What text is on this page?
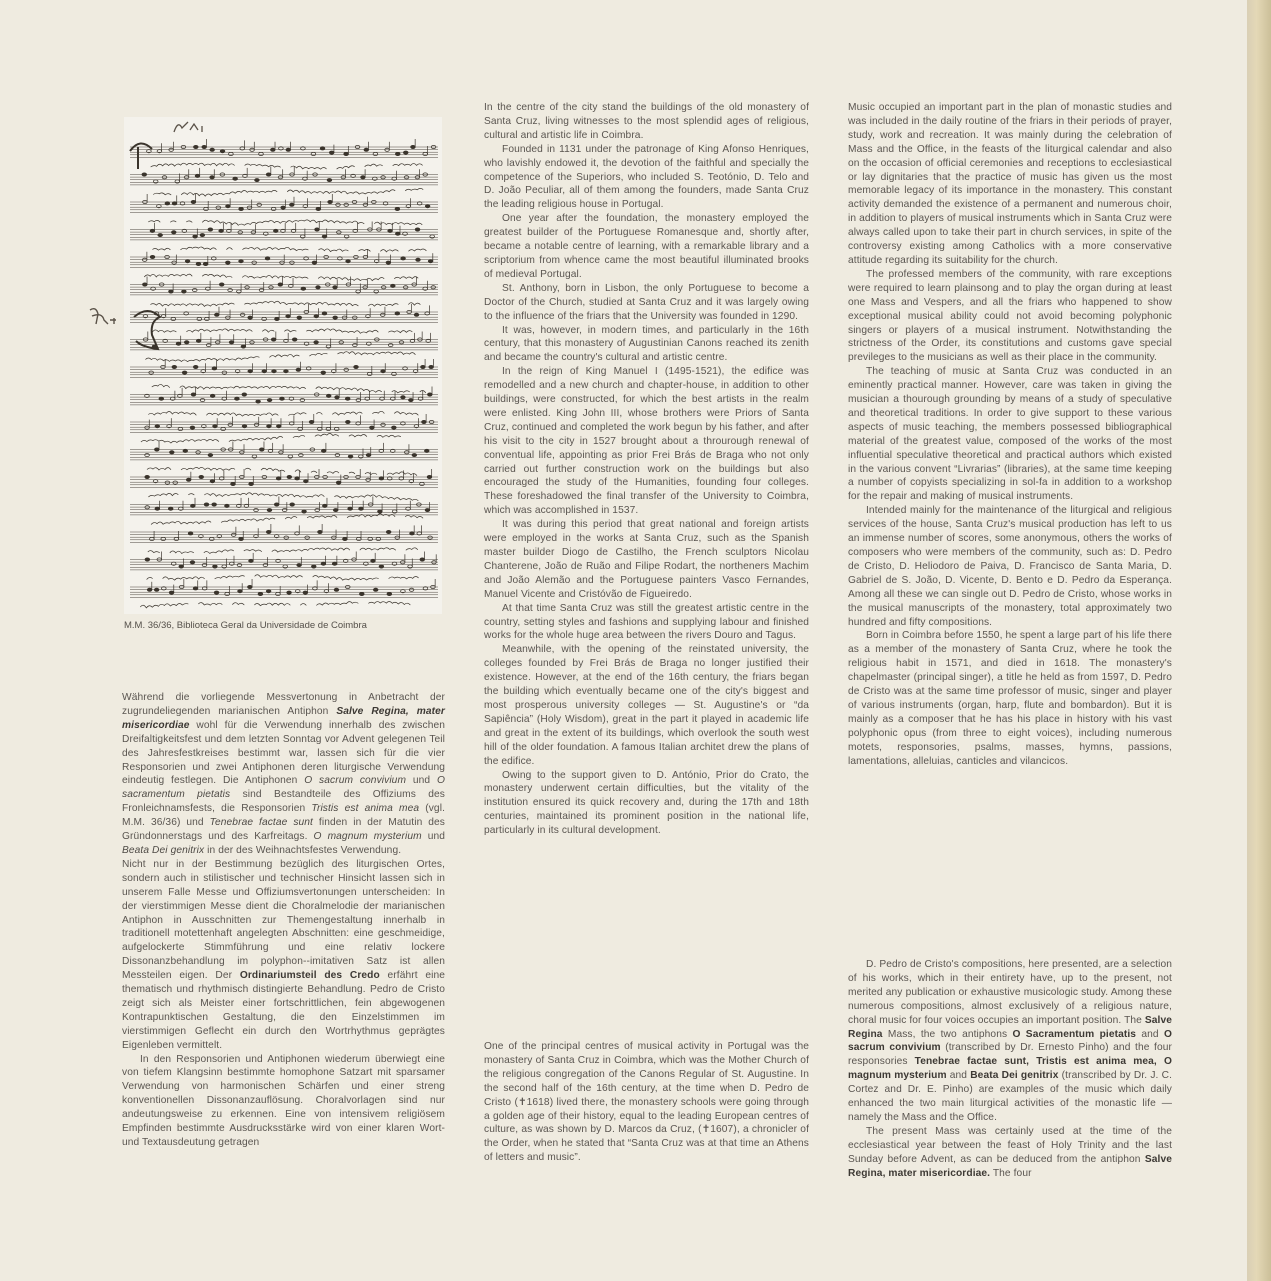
M.M. 36/36, Biblioteca Geral da Universidade de Coimbra

In the centre of the city stand the buildings of the old monastery of Santa Cruz, living witnesses to the most splendid ages of religious, cultural and artistic life in Coimbra.

Founded in 1131 under the patronage of King Afonso Henriques, who lavishly endowed it, the devotion of the faithful and specially the competence of the Superiors, who included S. Teotónio, D. Telo and D. João Peculiar, all of them among the founders, made Santa Cruz the leading religious house in Portugal.

One year after the foundation, the monastery employed the greatest builder of the Portuguese Romanesque and, shortly after, became a notable centre of learning, with a remarkable library and a scriptorium from whence came the most beautiful illuminated brooks of medieval Portugal.

St. Anthony, born in Lisbon, the only Portuguese to become a Doctor of the Church, studied at Santa Cruz and it was largely owing to the influence of the friars that the University was founded in 1290.

It was, however, in modern times, and particularly in the 16th century, that this monastery of Augustinian Canons reached its zenith and became the country's cultural and artistic centre.

In the reign of King Manuel I (1495-1521), the edifice was remodelled and a new church and chapter-house, in addition to other buildings, were constructed, for which the best artists in the realm were enlisted. King John III, whose brothers were Priors of Santa Cruz, continued and completed the work begun by his father, and after his visit to the city in 1527 brought about a throurough renewal of conventual life, appointing as prior Frei Brás de Braga who not only carried out further construction work on the buildings but also encouraged the study of the Humanities, founding four colleges. These foreshadowed the final transfer of the University to Coimbra, which was accomplished in 1537.

It was during this period that great national and foreign artists were employed in the works at Santa Cruz, such as the Spanish master builder Diogo de Castilho, the French sculptors Nicolau Chanterene, João de Ruão and Filipe Rodart, the northeners Machim and João Alemão and the Portuguese painters Vasco Fernandes, Manuel Vicente and Cristóvão de Figueiredo.

At that time Santa Cruz was still the greatest artistic centre in the country, setting styles and fashions and supplying labour and finished works for the whole huge area between the rivers Douro and Tagus.

Meanwhile, with the opening of the reinstated university, the colleges founded by Frei Brás de Braga no longer justified their existence. However, at the end of the 16th century, the friars began the building which eventually became one of the city's biggest and most prosperous university colleges — St. Augustine's or “da Sapiência” (Holy Wisdom), great in the part it played in academic life and great in the extent of its buildings, which overlook the south west hill of the older foundation. A famous Italian architet drew the plans of the edifice.

Owing to the support given to D. António, Prior do Crato, the monastery underwent certain difficulties, but the vitality of the institution ensured its quick recovery and, during the 17th and 18th centuries, maintained its prominent position in the national life, particularly in its cultural development.

One of the principal centres of musical activity in Portugal was the monastery of Santa Cruz in Coimbra, which was the Mother Church of the religious congregation of the Canons Regular of St. Augustine. In the second half of the 16th century, at the time when D. Pedro de Cristo (✝1618) lived there, the monastery schools were going through a golden age of their history, equal to the leading European centres of culture, as was shown by D. Marcos da Cruz, (✝1607), a chronicler of the Order, when he stated that “Santa Cruz was at that time an Athens of letters and music”.

Music occupied an important part in the plan of monastic studies and was included in the daily routine of the friars in their periods of prayer, study, work and recreation. It was mainly during the celebration of Mass and the Office, in the feasts of the liturgical calendar and also on the occasion of official ceremonies and receptions to ecclesiastical or lay dignitaries that the practice of music has given us the most memorable legacy of its importance in the monastery. This constant activity demanded the existence of a permanent and numerous choir, in addition to players of musical instruments which in Santa Cruz were always called upon to take their part in church services, in spite of the controversy existing among Catholics with a more conservative attitude regarding its suitability for the church.

The professed members of the community, with rare exceptions were required to learn plainsong and to play the organ during at least one Mass and Vespers, and all the friars who happened to show exceptional musical ability could not avoid becoming polyphonic singers or players of a musical instrument. Notwithstanding the strictness of the Order, its constitutions and customs gave special previleges to the musicians as well as their place in the community.

The teaching of music at Santa Cruz was conducted in an eminently practical manner. However, care was taken in giving the musician a thourough grounding by means of a study of speculative and theoretical traditions. In order to give support to these various aspects of music teaching, the members possessed bibliographical material of the greatest value, composed of the works of the most influential speculative theoretical and practical authors which existed in the various convent “Livrarias” (libraries), at the same time keeping a number of copyists specializing in sol-fa in addition to a workshop for the repair and making of musical instruments.

Intended mainly for the maintenance of the liturgical and religious services of the house, Santa Cruz's musical production has left to us an immense number of scores, some anonymous, others the works of composers who were members of the community, such as: D. Pedro de Cristo, D. Heliodoro de Paiva, D. Francisco de Santa Maria, D. Gabriel de S. João, D. Vicente, D. Bento e D. Pedro da Esperança. Among all these we can single out D. Pedro de Cristo, whose works in the musical manuscripts of the monastery, total approximately two hundred and fifty compositions.

Born in Coimbra before 1550, he spent a large part of his life there as a member of the monastery of Santa Cruz, where he took the religious habit in 1571, and died in 1618. The monastery's chapelmaster (principal singer), a title he held as from 1597, D. Pedro de Cristo was at the same time professor of music, singer and player of various instruments (organ, harp, flute and bombardon). But it is mainly as a composer that he has his place in history with his vast polyphonic opus (from three to eight voices), including numerous motets, responsories, psalms, masses, hymns, passions, lamentations, alleluias, canticles and vilancicos.

D. Pedro de Cristo's compositions, here presented, are a selection of his works, which in their entirety have, up to the present, not merited any publication or exhaustive musicologic study. Among these numerous compositions, almost exclusively of a religious nature, choral music for four voices occupies an important position. The Salve Regina Mass, the two antiphons O Sacramentum pietatis and O sacrum convivium (transcribed by Dr. Ernesto Pinho) and the four responsories Tenebrae factae sunt, Tristis est anima mea, O magnum mysterium and Beata Dei genitrix (transcribed by Dr. J. C. Cortez and Dr. E. Pinho) are examples of the music which daily enhanced the two main liturgical activities of the monastic life — namely the Mass and the Office.

The present Mass was certainly used at the time of the ecclesiastical year between the feast of Holy Trinity and the last Sunday before Advent, as can be deduced from the antiphon Salve Regina, mater misericordiae. The four

Während die vorliegende Messvertonung in Anbetracht der zugrundeliegenden marianischen Antiphon Salve Regina, mater misericordiae wohl für die Verwendung innerhalb des zwischen Dreifaltigkeitsfest und dem letzten Sonntag vor Advent gelegenen Teil des Jahresfestkreises bestimmt war, lassen sich für die vier Responsorien und zwei Antiphonen deren liturgische Verwendung eindeutig festlegen. Die Antiphonen O sacrum convivium und O sacramentum pietatis sind Bestandteile des Offiziums des Fronleichnamsfests, die Responsorien Tristis est anima mea (vgl. M.M. 36/36) und Tenebrae factae sunt finden in der Matutin des Gründonnerstags und des Karfreitags. O magnum mysterium und Beata Dei genitrix in der des Weihnachtsfestes Verwendung.

Nicht nur in der Bestimmung bezüglich des liturgischen Ortes, sondern auch in stilistischer und technischer Hinsicht lassen sich in unserem Falle Messe und Offiziumsvertonungen unterscheiden: In der vierstimmigen Messe dient die Choralmelodie der marianischen Antiphon in Ausschnitten zur Themengestaltung innerhalb in traditionell motettenhaft angelegten Abschnitten: eine geschmeidige, aufgelockerte Stimmführung und eine relativ lockere Dissonanzbehandlung im polyphon--imitativen Satz ist allen Messteilen eigen. Der Ordinariumsteil des Credo erfährt eine thematisch und rhythmisch distingierte Behandlung. Pedro de Cristo zeigt sich als Meister einer fortschrittlichen, fein abgewogenen Kontrapunktischen Gestaltung, die den Einzelstimmen im vierstimmigen Geflecht ein durch den Wortrhythmus geprägtes Eigenleben vermittelt.

In den Responsorien und Antiphonen wiederum überwiegt eine von tiefem Klangsinn bestimmte homophone Satzart mit sparsamer Verwendung von harmonischen Schärfen und einer streng konventionellen Dissonanzauflösung. Choralvorlagen sind nur andeutungsweise zu erkennen. Eine von intensivem religiösem Empfinden bestimmte Ausdrucksstärke wird von einer klaren Wort- und Textausdeutung getragen
